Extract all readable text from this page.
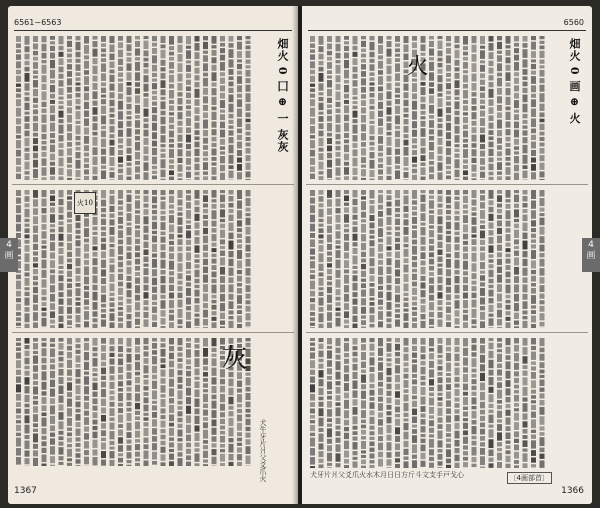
6561~6563
畑火 0 囗 ⊕ 一 灰灰
火10
灰
犬牛牙片爿父爻爪火
1367
4
画
6560
畑火 0 画 ⊕ 火
火
犬牙片爿父爻爪火水木月日日方斤斗文支手戸戈心	〔4画部首〕
1366
4
画
